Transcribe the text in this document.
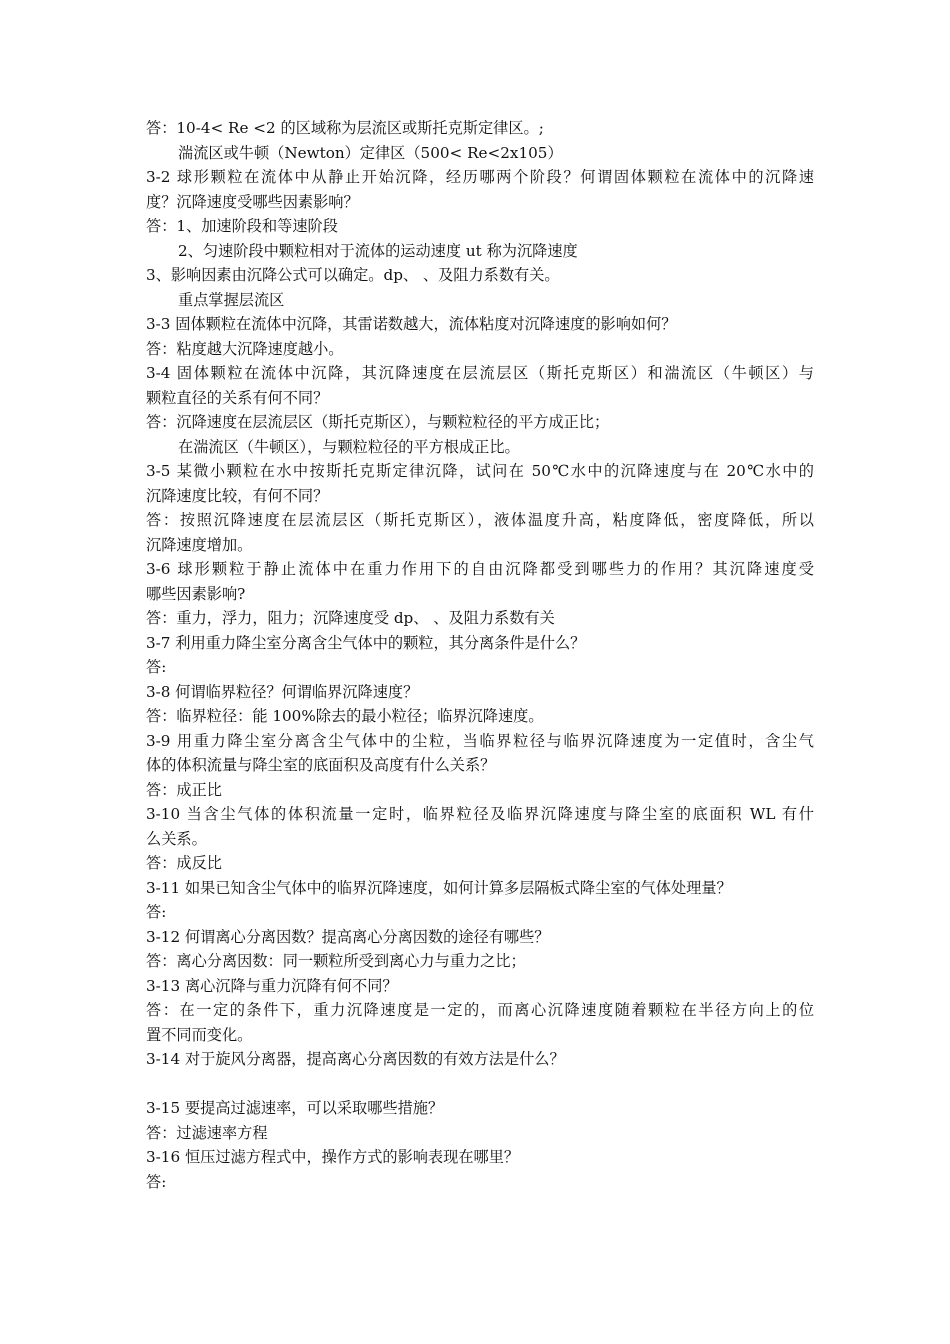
答：10-4< Re <2 的区域称为层流区或斯托克斯定律区。;
湍流区或牛顿（Newton）定律区（500< Re<2x105）
3-2 球形颗粒在流体中从静止开始沉降，经历哪两个阶段？何谓固体颗粒在流体中的沉降速
度？沉降速度受哪些因素影响？
答：1、加速阶段和等速阶段
2、匀速阶段中颗粒相对于流体的运动速度 ut 称为沉降速度
3、影响因素由沉降公式可以确定。dp、 、及阻力系数有关。
重点掌握层流区
3-3 固体颗粒在流体中沉降，其雷诺数越大，流体粘度对沉降速度的影响如何？
答：粘度越大沉降速度越小。
3-4 固体颗粒在流体中沉降，其沉降速度在层流层区（斯托克斯区）和湍流区（牛顿区）与
颗粒直径的关系有何不同？
答：沉降速度在层流层区（斯托克斯区），与颗粒粒径的平方成正比；
在湍流区（牛顿区），与颗粒粒径的平方根成正比。
3-5 某微小颗粒在水中按斯托克斯定律沉降，试问在 50℃水中的沉降速度与在 20℃水中的
沉降速度比较，有何不同？
答：按照沉降速度在层流层区（斯托克斯区），液体温度升高，粘度降低，密度降低，所以
沉降速度增加。
3-6 球形颗粒于静止流体中在重力作用下的自由沉降都受到哪些力的作用？其沉降速度受
哪些因素影响?
答：重力，浮力，阻力；沉降速度受 dp、 、及阻力系数有关
3-7 利用重力降尘室分离含尘气体中的颗粒，其分离条件是什么？
答:
3-8 何谓临界粒径？何谓临界沉降速度？
答：临界粒径：能 100%除去的最小粒径；临界沉降速度。
3-9 用重力降尘室分离含尘气体中的尘粒，当临界粒径与临界沉降速度为一定值时，含尘气
体的体积流量与降尘室的底面积及高度有什么关系？
答：成正比
3-10 当含尘气体的体积流量一定时，临界粒径及临界沉降速度与降尘室的底面积 WL 有什
么关系。
答：成反比
3-11 如果已知含尘气体中的临界沉降速度，如何计算多层隔板式降尘室的气体处理量？
答:
3-12 何谓离心分离因数？提高离心分离因数的途径有哪些？
答：离心分离因数：同一颗粒所受到离心力与重力之比；
3-13 离心沉降与重力沉降有何不同？
答：在一定的条件下，重力沉降速度是一定的，而离心沉降速度随着颗粒在半径方向上的位
置不同而变化。
3-14 对于旋风分离器，提高离心分离因数的有效方法是什么？
3-15 要提高过滤速率，可以采取哪些措施？
答：过滤速率方程
3-16 恒压过滤方程式中，操作方式的影响表现在哪里？
答:
